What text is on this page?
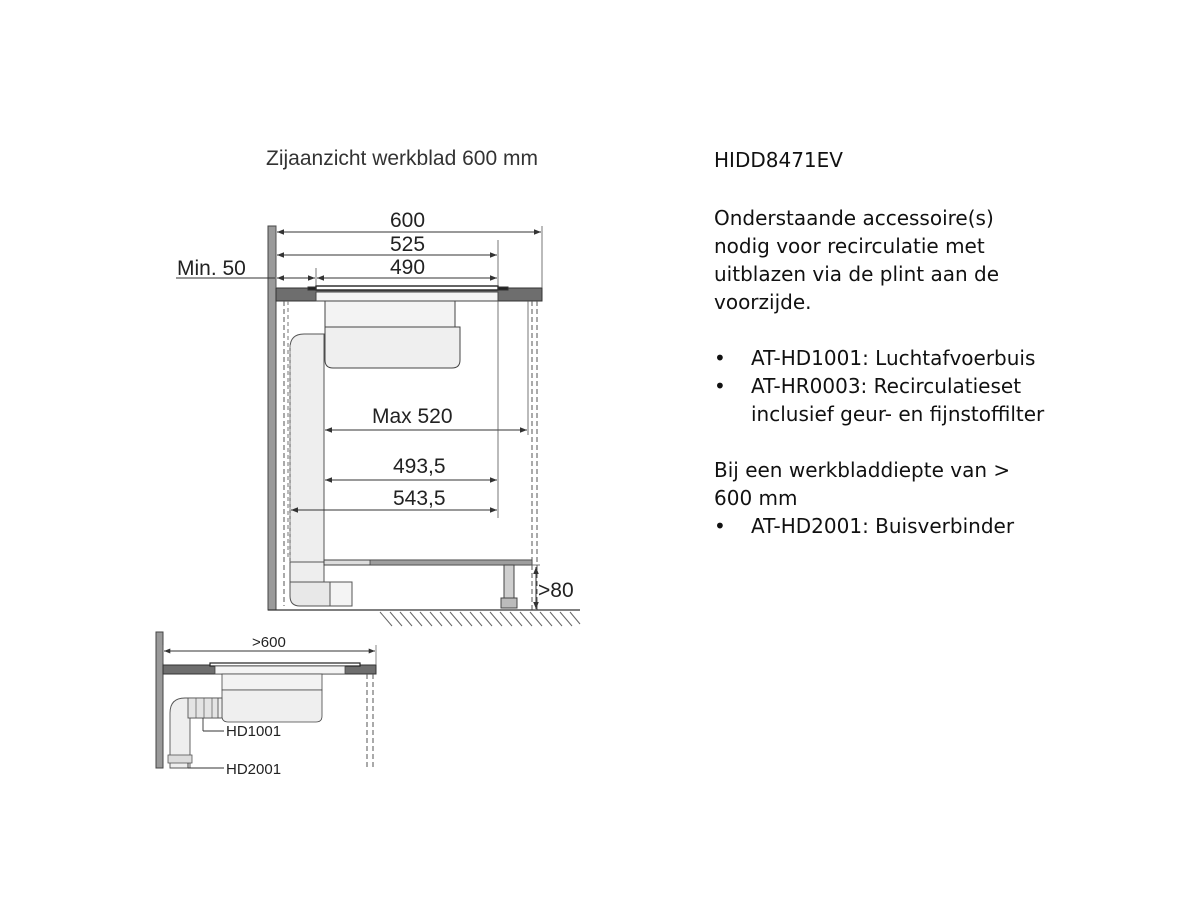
Zijaanzicht werkblad 600 mm
600
525
490
Min. 50
Max 520
493,5
543,5
>80
>600
HD1001
HD2001
HIDD8471EV
Onderstaande accessoire(s) nodig voor recirculatie met uitblazen via de plint aan de voorzijde.
• AT-HD1001: Luchtafvoerbuis
• AT-HR0003: Recirculatieset inclusief geur- en fijnstoffilter
Bij een werkbladdiepte van > 600 mm
• AT-HD2001: Buisverbinder
